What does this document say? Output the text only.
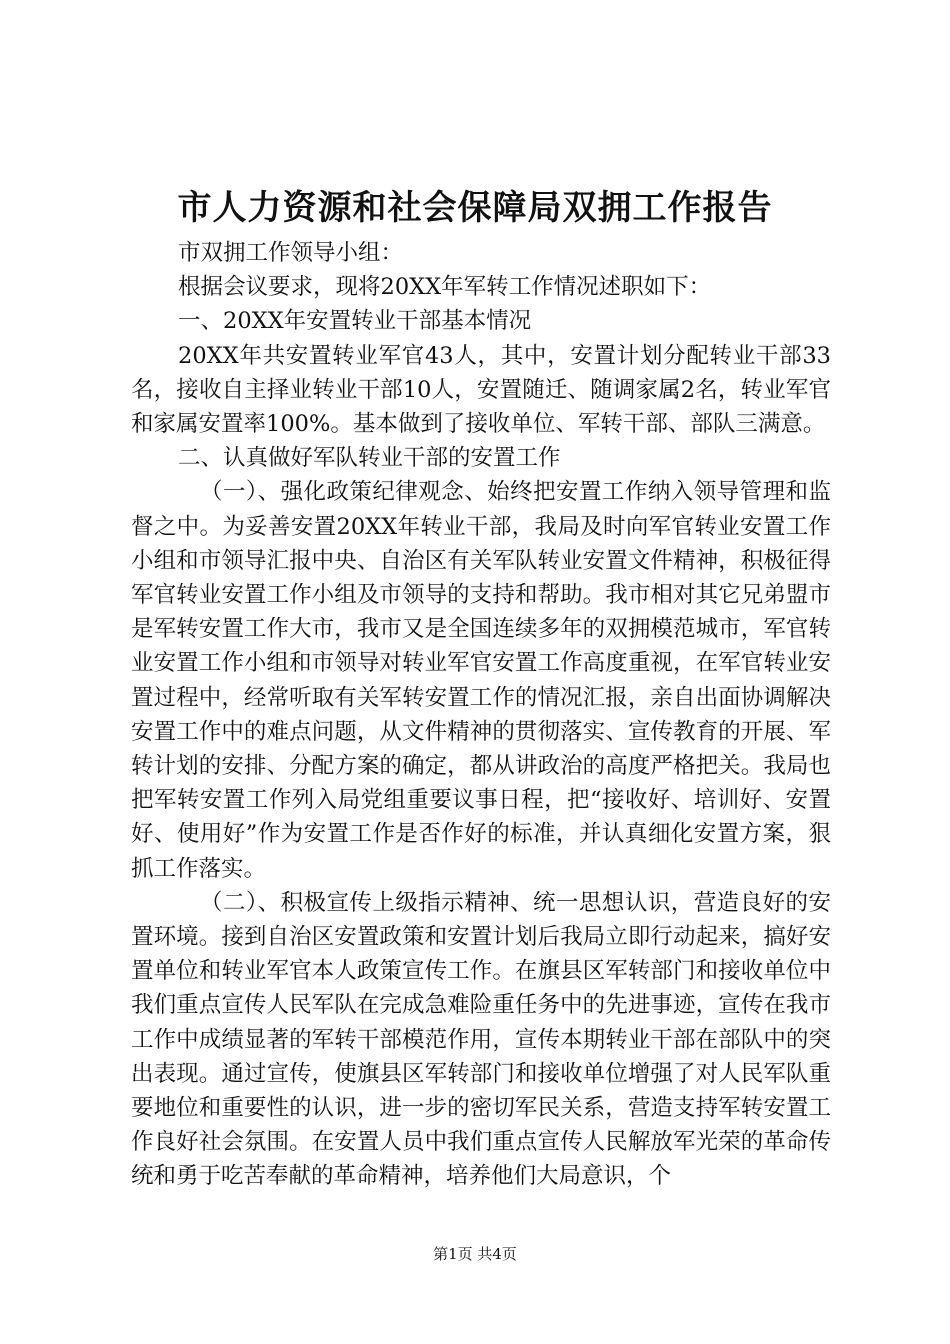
市人力资源和社会保障局双拥工作报告

市双拥工作领导小组：

根据会议要求，现将20XX年军转工作情况述职如下：

一、20XX年安置转业干部基本情况

20XX年共安置转业军官43人，其中，安置计划分配转业干部33名，接收自主择业转业干部10人，安置随迁、随调家属2名，转业军官和家属安置率100%。基本做到了接收单位、军转干部、部队三满意。

二、认真做好军队转业干部的安置工作

（一）、强化政策纪律观念、始终把安置工作纳入领导管理和监督之中。为妥善安置20XX年转业干部，我局及时向军官转业安置工作小组和市领导汇报中央、自治区有关军队转业安置文件精神，积极征得军官转业安置工作小组及市领导的支持和帮助。我市相对其它兄弟盟市是军转安置工作大市，我市又是全国连续多年的双拥模范城市，军官转业安置工作小组和市领导对转业军官安置工作高度重视，在军官转业安置过程中，经常听取有关军转安置工作的情况汇报，亲自出面协调解决安置工作中的难点问题，从文件精神的贯彻落实、宣传教育的开展、军转计划的安排、分配方案的确定，都从讲政治的高度严格把关。我局也把军转安置工作列入局党组重要议事日程，把“接收好、培训好、安置好、使用好”作为安置工作是否作好的标准，并认真细化安置方案，狠抓工作落实。

（二）、积极宣传上级指示精神、统一思想认识，营造良好的安置环境。接到自治区安置政策和安置计划后我局立即行动起来，搞好安置单位和转业军官本人政策宣传工作。在旗县区军转部门和接收单位中我们重点宣传人民军队在完成急难险重任务中的先进事迹，宣传在我市工作中成绩显著的军转干部模范作用，宣传本期转业干部在部队中的突出表现。通过宣传，使旗县区军转部门和接收单位增强了对人民军队重要地位和重要性的认识，进一步的密切军民关系，营造支持军转安置工作良好社会氛围。在安置人员中我们重点宣传人民解放军光荣的革命传统和勇于吃苦奉献的革命精神，培养他们大局意识，个

第1页 共4页
